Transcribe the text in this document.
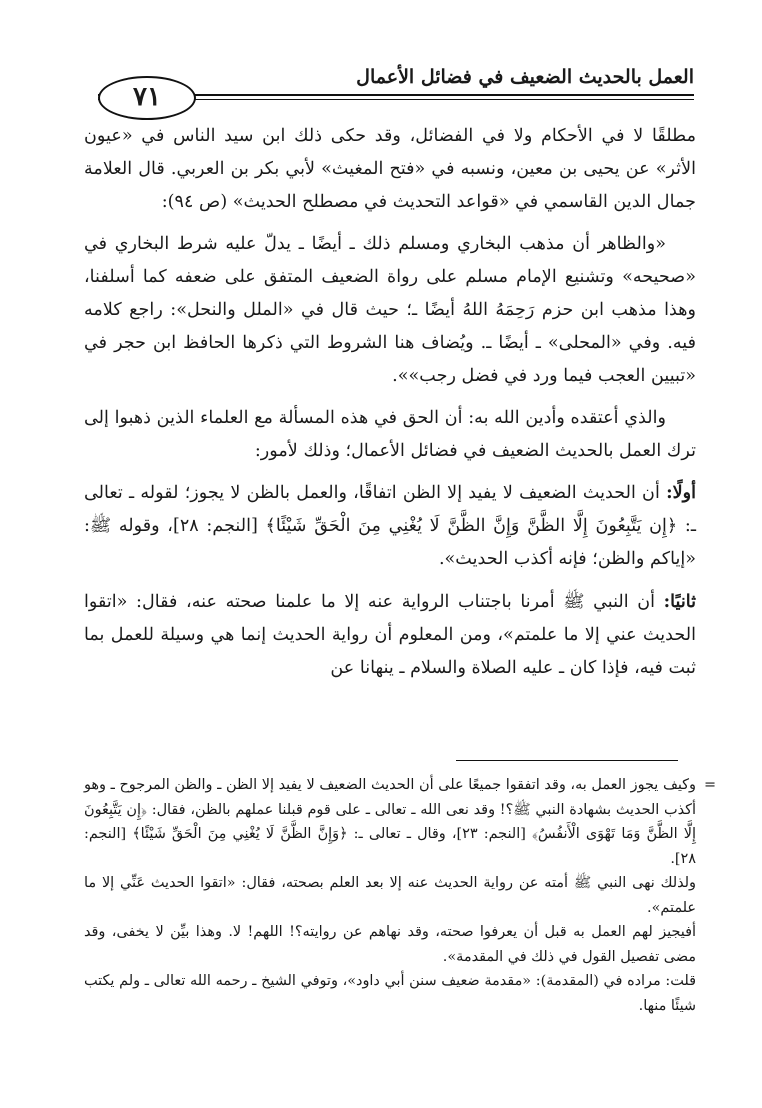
العمل بالحديث الضعيف في فضائل الأعمال
٧١

مطلقًا لا في الأحكام ولا في الفضائل، وقد حكى ذلك ابن سيد الناس في «عيون الأثر» عن يحيى بن معين، ونسبه في «فتح المغيث» لأبي بكر بن العربي. قال العلامة جمال الدين القاسمي في «قواعد التحديث في مصطلح الحديث» (ص ٩٤):

«والظاهر أن مذهب البخاري ومسلم ذلك ـ أيضًا ـ يدلّ عليه شرط البخاري في «صحيحه» وتشنيع الإمام مسلم على رواة الضعيف المتفق على ضعفه كما أسلفنا، وهذا مذهب ابن حزم رَحِمَهُ اللهُ أيضًا ـ؛ حيث قال في «الملل والنحل»: راجع كلامه فيه. وفي «المحلى» ـ أيضًا ـ. ويُضاف هنا الشروط التي ذكرها الحافظ ابن حجر في «تبيين العجب فيما ورد في فضل رجب»».

والذي أعتقده وأدين الله به: أن الحق في هذه المسألة مع العلماء الذين ذهبوا إلى ترك العمل بالحديث الضعيف في فضائل الأعمال؛ وذلك لأمور:

أولًا: أن الحديث الضعيف لا يفيد إلا الظن اتفاقًا، والعمل بالظن لا يجوز؛ لقوله ـ تعالى ـ: ﴿إِن يَتَّبِعُونَ إِلَّا الظَّنَّ وَإِنَّ الظَّنَّ لَا يُغْنِي مِنَ الْحَقِّ شَيْئًا﴾ [النجم: ٢٨]، وقوله ﷺ: «إياكم والظن؛ فإنه أكذب الحديث».

ثانيًا: أن النبي ﷺ أمرنا باجتناب الرواية عنه إلا ما علمنا صحته عنه، فقال: «اتقوا الحديث عني إلا ما علمتم»، ومن المعلوم أن رواية الحديث إنما هي وسيلة للعمل بما ثبت فيه، فإذا كان ـ عليه الصلاة والسلام ـ ينهانا عن

=
وكيف يجوز العمل به، وقد اتفقوا جميعًا على أن الحديث الضعيف لا يفيد إلا الظن ـ والظن المرجوح ـ وهو أكذب الحديث بشهادة النبي ﷺ؟! وقد نعى الله ـ تعالى ـ على قوم قبلنا عملهم بالظن، فقال: ﴿إِن يَتَّبِعُونَ إِلَّا الظَّنَّ وَمَا تَهْوَى الْأَنفُسُ﴾ [النجم: ٢٣]، وقال ـ تعالى ـ: ﴿وَإِنَّ الظَّنَّ لَا يُغْنِي مِنَ الْحَقِّ شَيْئًا﴾ [النجم: ٢٨].

ولذلك نهى النبي ﷺ أمته عن رواية الحديث عنه إلا بعد العلم بصحته، فقال: «اتقوا الحديث عَنِّي إلا ما علمتم».

أفيجيز لهم العمل به قبل أن يعرفوا صحته، وقد نهاهم عن روايته؟! اللهم! لا. وهذا بيِّن لا يخفى، وقد مضى تفصيل القول في ذلك في المقدمة».

قلت: مراده في (المقدمة): «مقدمة ضعيف سنن أبي داود»، وتوفي الشيخ ـ رحمه الله تعالى ـ ولم يكتب شيئًا منها.
